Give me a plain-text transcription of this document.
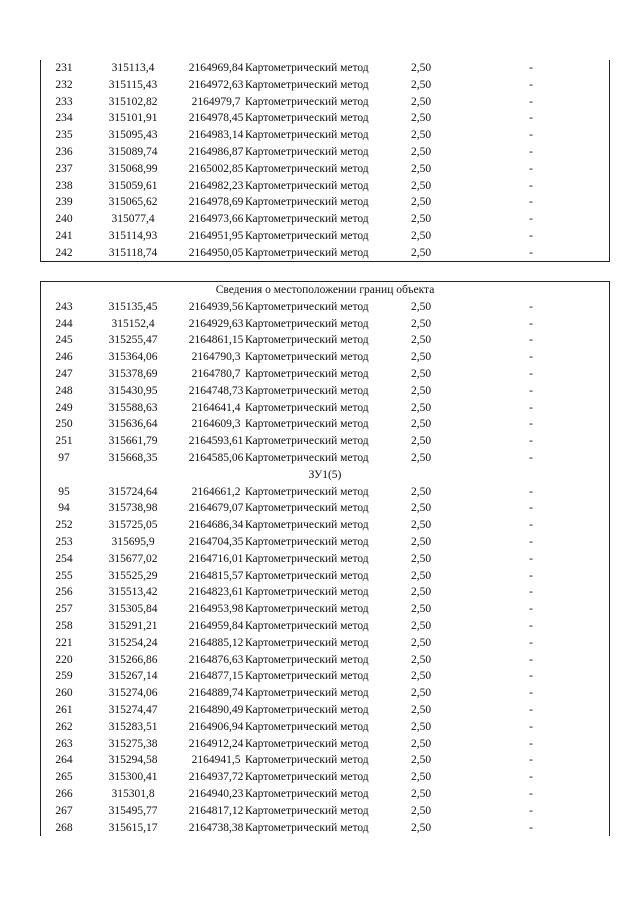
231	315113,4	2164969,84 Картометрический метод	2,50	-
232	315115,43	2164972,63 Картометрический метод	2,50	-
233	315102,82	2164979,7 Картометрический метод	2,50	-
234	315101,91	2164978,45 Картометрический метод	2,50	-
235	315095,43	2164983,14 Картометрический метод	2,50	-
236	315089,74	2164986,87 Картометрический метод	2,50	-
237	315068,99	2165002,85 Картометрический метод	2,50	-
238	315059,61	2164982,23 Картометрический метод	2,50	-
239	315065,62	2164978,69 Картометрический метод	2,50	-
240	315077,4	2164973,66 Картометрический метод	2,50	-
241	315114,93	2164951,95 Картометрический метод	2,50	-
242	315118,74	2164950,05 Картометрический метод	2,50	-
Сведения о местоположении границ объекта
243	315135,45	2164939,56 Картометрический метод	2,50	-
244	315152,4	2164929,63 Картометрический метод	2,50	-
245	315255,47	2164861,15 Картометрический метод	2,50	-
246	315364,06	2164790,3 Картометрический метод	2,50	-
247	315378,69	2164780,7 Картометрический метод	2,50	-
248	315430,95	2164748,73 Картометрический метод	2,50	-
249	315588,63	2164641,4 Картометрический метод	2,50	-
250	315636,64	2164609,3 Картометрический метод	2,50	-
251	315661,79	2164593,61 Картометрический метод	2,50	-
97	315668,35	2164585,06 Картометрический метод	2,50	-
ЗУ1(5)
95	315724,64	2164661,2 Картометрический метод	2,50	-
94	315738,98	2164679,07 Картометрический метод	2,50	-
252	315725,05	2164686,34 Картометрический метод	2,50	-
253	315695,9	2164704,35 Картометрический метод	2,50	-
254	315677,02	2164716,01 Картометрический метод	2,50	-
255	315525,29	2164815,57 Картометрический метод	2,50	-
256	315513,42	2164823,61 Картометрический метод	2,50	-
257	315305,84	2164953,98 Картометрический метод	2,50	-
258	315291,21	2164959,84 Картометрический метод	2,50	-
221	315254,24	2164885,12 Картометрический метод	2,50	-
220	315266,86	2164876,63 Картометрический метод	2,50	-
259	315267,14	2164877,15 Картометрический метод	2,50	-
260	315274,06	2164889,74 Картометрический метод	2,50	-
261	315274,47	2164890,49 Картометрический метод	2,50	-
262	315283,51	2164906,94 Картометрический метод	2,50	-
263	315275,38	2164912,24 Картометрический метод	2,50	-
264	315294,58	2164941,5 Картометрический метод	2,50	-
265	315300,41	2164937,72 Картометрический метод	2,50	-
266	315301,8	2164940,23 Картометрический метод	2,50	-
267	315495,77	2164817,12 Картометрический метод	2,50	-
268	315615,17	2164738,38 Картометрический метод	2,50	-
